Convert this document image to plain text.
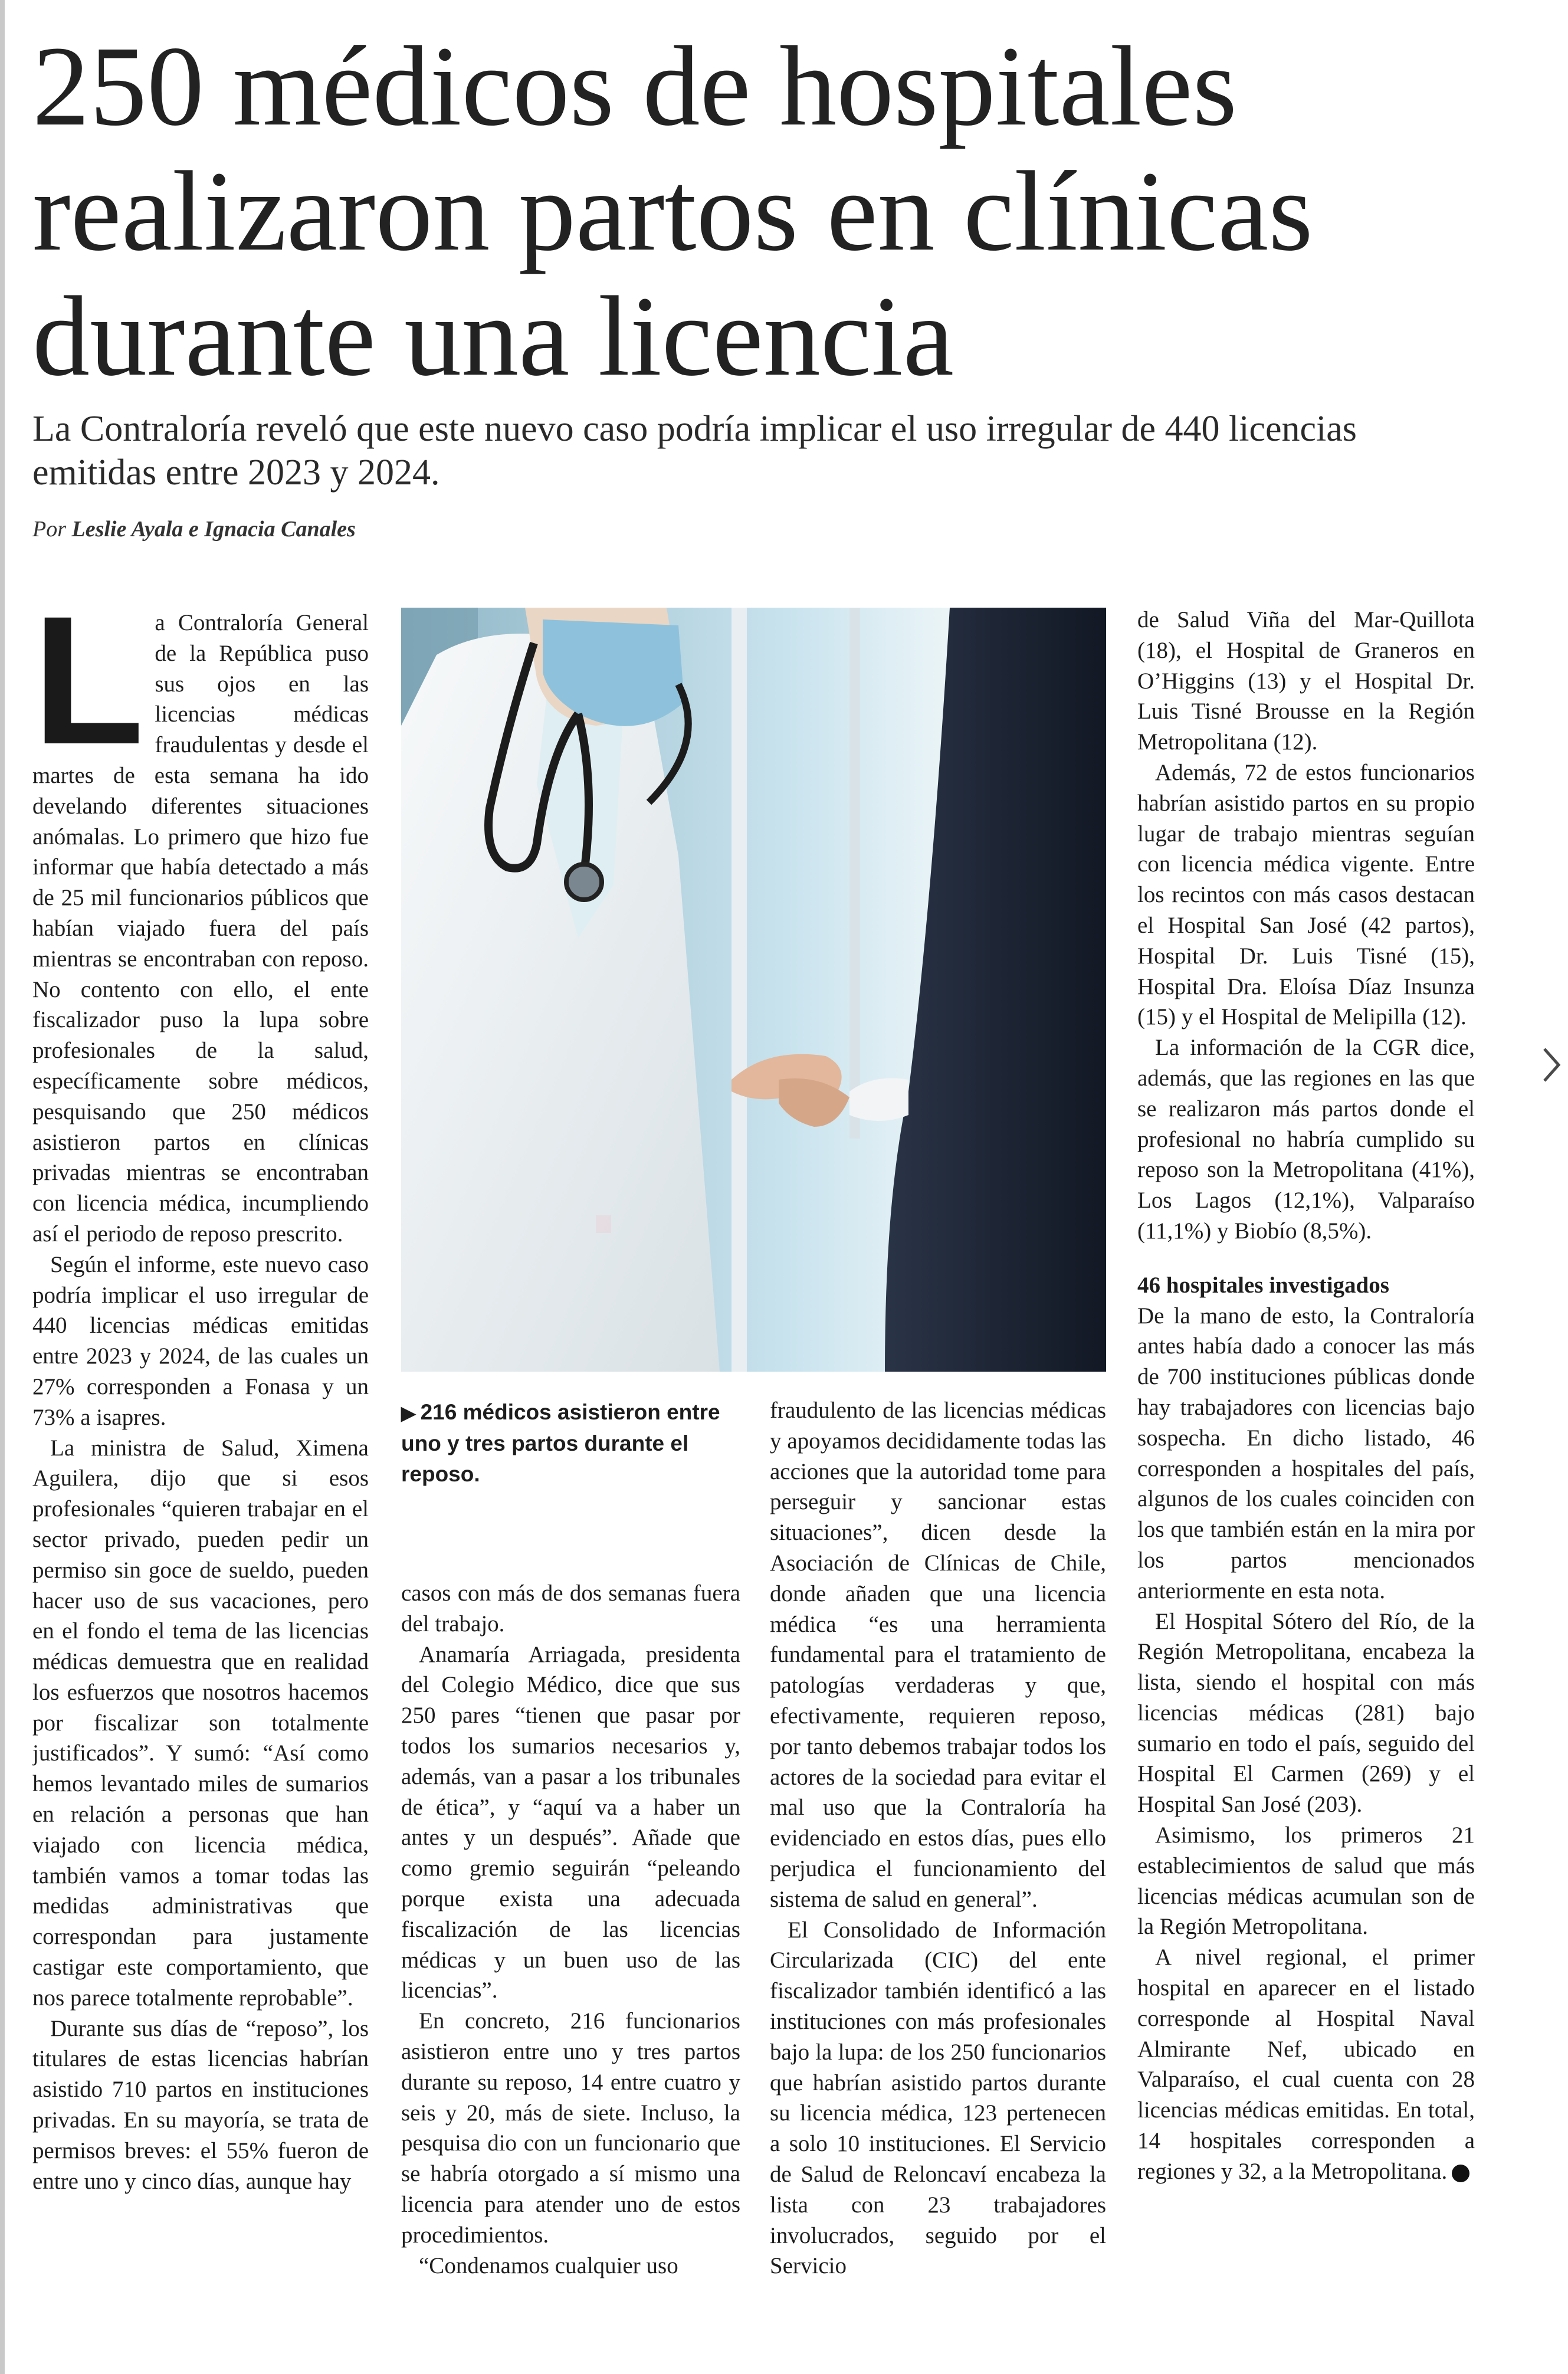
250 médicos de hospitales
realizaron partos en clínicas
durante una licencia

La Contraloría reveló que este nuevo caso podría implicar el uso irregular de 440 licencias emitidas entre 2023 y 2024.

Por Leslie Ayala e Ignacia Canales

L a Contraloría General de la República puso sus ojos en las licencias médicas fraudulentas y desde el martes de esta semana ha ido develando diferentes situaciones anómalas. Lo primero que hizo fue informar que había detectado a más de 25 mil funcionarios públicos que habían viajado fuera del país mientras se encontraban con reposo. No contento con ello, el ente fiscalizador puso la lupa sobre profesionales de la salud, específicamente sobre médicos, pesquisando que 250 médicos asistieron partos en clínicas privadas mientras se encontraban con licencia médica, incumpliendo así el periodo de reposo prescrito.

Según el informe, este nuevo caso podría implicar el uso irregular de 440 licencias médicas emitidas entre 2023 y 2024, de las cuales un 27% corresponden a Fonasa y un 73% a isapres.

La ministra de Salud, Ximena Aguilera, dijo que si esos profesionales “quieren trabajar en el sector privado, pueden pedir un permiso sin goce de sueldo, pueden hacer uso de sus vacaciones, pero en el fondo el tema de las licencias médicas demuestra que en realidad los esfuerzos que nosotros hacemos por fiscalizar son totalmente justificados”. Y sumó: “Así como hemos levantado miles de sumarios en relación a personas que han viajado con licencia médica, también vamos a tomar todas las medidas administrativas que correspondan para justamente castigar este comportamiento, que nos parece totalmente reprobable”.

Durante sus días de “reposo”, los titulares de estas licencias habrían asistido 710 partos en instituciones privadas. En su mayoría, se trata de permisos breves: el 55% fueron de entre uno y cinco días, aunque hay

▶ 216 médicos asistieron entre uno y tres partos durante el reposo.

casos con más de dos semanas fuera del trabajo.

Anamaría Arriagada, presidenta del Colegio Médico, dice que sus 250 pares “tienen que pasar por todos los sumarios necesarios y, además, van a pasar a los tribunales de ética”, y “aquí va a haber un antes y un después”. Añade que como gremio seguirán “peleando porque exista una adecuada fiscalización de las licencias médicas y un buen uso de las licencias”.

En concreto, 216 funcionarios asistieron entre uno y tres partos durante su reposo, 14 entre cuatro y seis y 20, más de siete. Incluso, la pesquisa dio con un funcionario que se habría otorgado a sí mismo una licencia para atender uno de estos procedimientos.

“Condenamos cualquier uso

fraudulento de las licencias médicas y apoyamos decididamente todas las acciones que la autoridad tome para perseguir y sancionar estas situaciones”, dicen desde la Asociación de Clínicas de Chile, donde añaden que una licencia médica “es una herramienta fundamental para el tratamiento de patologías verdaderas y que, efectivamente, requieren reposo, por tanto debemos trabajar todos los actores de la sociedad para evitar el mal uso que la Contraloría ha evidenciado en estos días, pues ello perjudica el funcionamiento del sistema de salud en general”.

El Consolidado de Información Circularizada (CIC) del ente fiscalizador también identificó a las instituciones con más profesionales bajo la lupa: de los 250 funcionarios que habrían asistido partos durante su licencia médica, 123 pertenecen a solo 10 instituciones. El Servicio de Salud de Reloncaví encabeza la lista con 23 trabajadores involucrados, seguido por el Servicio

de Salud Viña del Mar-Quillota (18), el Hospital de Graneros en O’Higgins (13) y el Hospital Dr. Luis Tisné Brousse en la Región Metropolitana (12).

Además, 72 de estos funcionarios habrían asistido partos en su propio lugar de trabajo mientras seguían con licencia médica vigente. Entre los recintos con más casos destacan el Hospital San José (42 partos), Hospital Dr. Luis Tisné (15), Hospital Dra. Eloísa Díaz Insunza (15) y el Hospital de Melipilla (12).

La información de la CGR dice, además, que las regiones en las que se realizaron más partos donde el profesional no habría cumplido su reposo son la Metropolitana (41%), Los Lagos (12,1%), Valparaíso (11,1%) y Biobío (8,5%).

46 hospitales investigados

De la mano de esto, la Contraloría antes había dado a conocer las más de 700 instituciones públicas donde hay trabajadores con licencias bajo sospecha. En dicho listado, 46 corresponden a hospitales del país, algunos de los cuales coinciden con los que también están en la mira por los partos mencionados anteriormente en esta nota.

El Hospital Sótero del Río, de la Región Metropolitana, encabeza la lista, siendo el hospital con más licencias médicas (281) bajo sumario en todo el país, seguido del Hospital El Carmen (269) y el Hospital San José (203).

Asimismo, los primeros 21 establecimientos de salud que más licencias médicas acumulan son de la Región Metropolitana.

A nivel regional, el primer hospital en aparecer en el listado corresponde al Hospital Naval Almirante Nef, ubicado en Valparaíso, el cual cuenta con 28 licencias médicas emitidas. En total, 14 hospitales corresponden a regiones y 32, a la Metropolitana.
